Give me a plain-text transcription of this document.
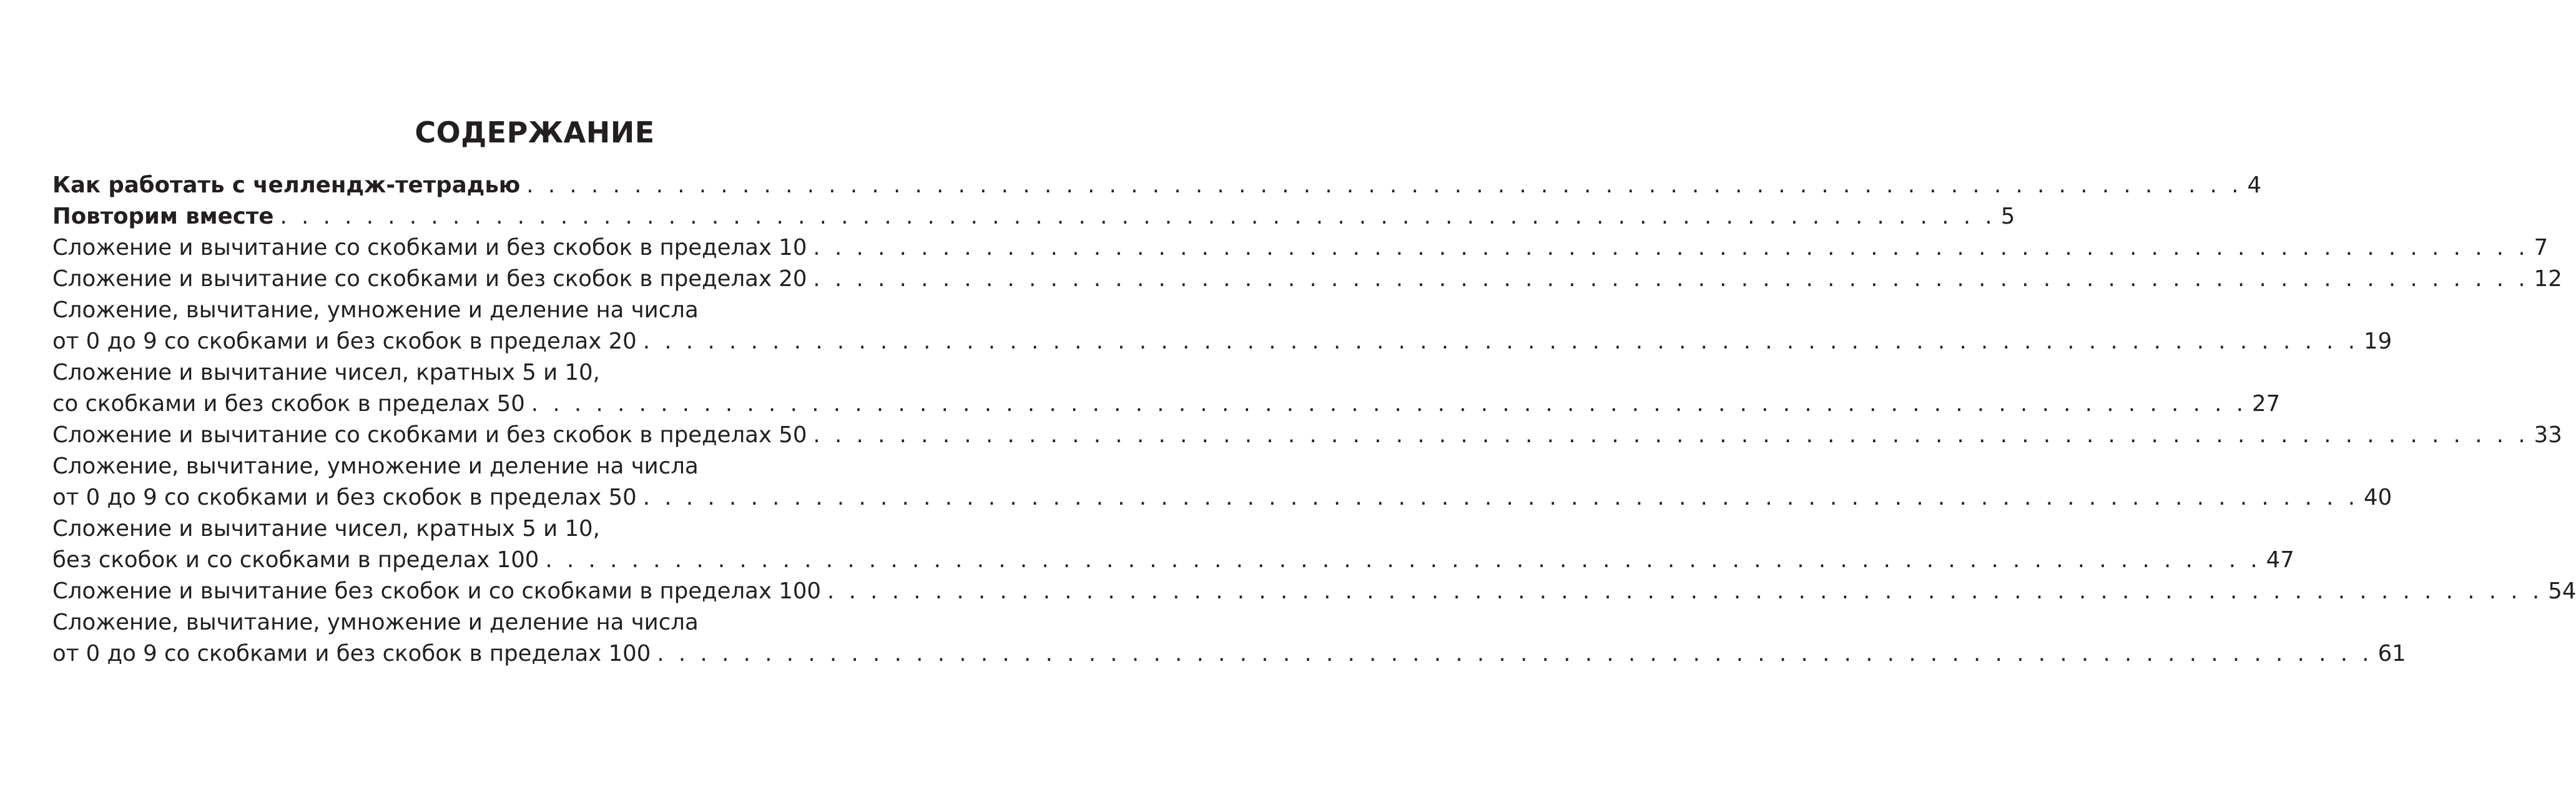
СОДЕРЖАНИЕ
Как работать с челлендж-тетрадью . . . . . . . . . . . . . . . . . . . . . . . . . . . . . . . . . . . . . . . . . . . . . . . . . . . . . . . . . . . . . . . . . . . . . . . . . . . . . . . . 4
Повторим вместе . . . . . . . . . . . . . . . . . . . . . . . . . . . . . . . . . . . . . . . . . . . . . . . . . . . . . . . . . . . . . . . . . . . . . . . . . . . . . . . . 5
Сложение и вычитание со скобками и без скобок в пределах 10 . . . . . . . . . . . . . . . . . . . . . . . . . . . . . . . . . . . . . . . . . . . . . . . . . . . . . . . . . . . . . . . . . . . . . . . . . . . . . . . . 7
Сложение и вычитание со скобками и без скобок в пределах 20 . . . . . . . . . . . . . . . . . . . . . . . . . . . . . . . . . . . . . . . . . . . . . . . . . . . . . . . . . . . . . . . . . . . . . . . . . . . . . . . . 12
Сложение, вычитание, умножение и деление на числа
от 0 до 9 со скобками и без скобок в пределах 20 . . . . . . . . . . . . . . . . . . . . . . . . . . . . . . . . . . . . . . . . . . . . . . . . . . . . . . . . . . . . . . . . . . . . . . . . . . . . . . . . 19
Сложение и вычитание чисел, кратных 5 и 10,
со скобками и без скобок в пределах 50 . . . . . . . . . . . . . . . . . . . . . . . . . . . . . . . . . . . . . . . . . . . . . . . . . . . . . . . . . . . . . . . . . . . . . . . . . . . . . . . . 27
Сложение и вычитание со скобками и без скобок в пределах 50 . . . . . . . . . . . . . . . . . . . . . . . . . . . . . . . . . . . . . . . . . . . . . . . . . . . . . . . . . . . . . . . . . . . . . . . . . . . . . . . . 33
Сложение, вычитание, умножение и деление на числа
от 0 до 9 со скобками и без скобок в пределах 50 . . . . . . . . . . . . . . . . . . . . . . . . . . . . . . . . . . . . . . . . . . . . . . . . . . . . . . . . . . . . . . . . . . . . . . . . . . . . . . . . 40
Сложение и вычитание чисел, кратных 5 и 10,
без скобок и со скобками в пределах 100 . . . . . . . . . . . . . . . . . . . . . . . . . . . . . . . . . . . . . . . . . . . . . . . . . . . . . . . . . . . . . . . . . . . . . . . . . . . . . . . . 47
Сложение и вычитание без скобок и со скобками в пределах 100 . . . . . . . . . . . . . . . . . . . . . . . . . . . . . . . . . . . . . . . . . . . . . . . . . . . . . . . . . . . . . . . . . . . . . . . . . . . . . . . . 54
Сложение, вычитание, умножение и деление на числа
от 0 до 9 со скобками и без скобок в пределах 100 . . . . . . . . . . . . . . . . . . . . . . . . . . . . . . . . . . . . . . . . . . . . . . . . . . . . . . . . . . . . . . . . . . . . . . . . . . . . . . . . 61
